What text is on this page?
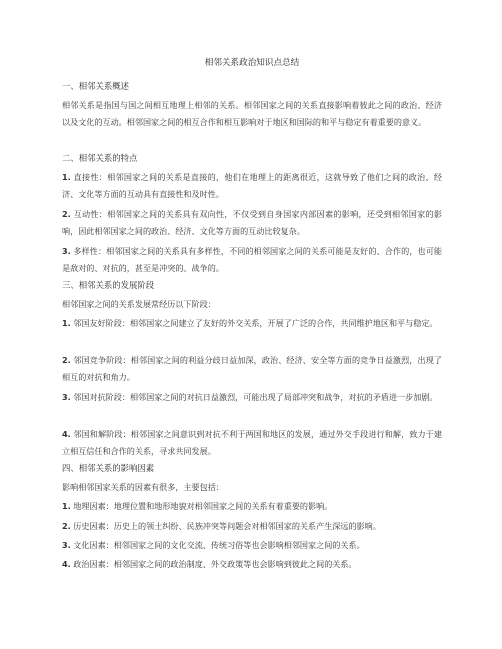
相邻关系政治知识点总结
一、相邻关系概述
相邻关系是指国与国之间相互地理上相邻的关系。相邻国家之间的关系直接影响着彼此之间的政治、经济以及文化的互动。相邻国家之间的相互合作和相互影响对于地区和国际的和平与稳定有着重要的意义。
二、相邻关系的特点
1. 直接性：相邻国家之间的关系是直接的，他们在地理上的距离很近，这就导致了他们之间的政治、经济、文化等方面的互动具有直接性和及时性。
2. 互动性：相邻国家之间的关系具有双向性，不仅受到自身国家内部因素的影响，还受到相邻国家的影响，因此相邻国家之间的政治、经济、文化等方面的互动比较复杂。
3. 多样性：相邻国家之间的关系具有多样性，不同的相邻国家之间的关系可能是友好的、合作的，也可能是敌对的、对抗的，甚至是冲突的、战争的。
三、相邻关系的发展阶段
相邻国家之间的关系发展常经历以下阶段：
1. 邻国友好阶段：相邻国家之间建立了友好的外交关系，开展了广泛的合作，共同维护地区和平与稳定。
2. 邻国竞争阶段：相邻国家之间的利益分歧日益加深，政治、经济、安全等方面的竞争日益激烈，出现了相互的对抗和角力。
3. 邻国对抗阶段：相邻国家之间的对抗日益激烈，可能出现了局部冲突和战争，对抗的矛盾进一步加剧。
4. 邻国和解阶段：相邻国家之间意识到对抗不利于两国和地区的发展，通过外交手段进行和解，致力于建立相互信任和合作的关系，寻求共同发展。
四、相邻关系的影响因素
影响相邻国家关系的因素有很多，主要包括：
1. 地理因素：地理位置和地形地貌对相邻国家之间的关系有着重要的影响。
2. 历史因素：历史上的领土纠纷、民族冲突等问题会对相邻国家的关系产生深远的影响。
3. 文化因素：相邻国家之间的文化交流、传统习俗等也会影响相邻国家之间的关系。
4. 政治因素：相邻国家之间的政治制度、外交政策等也会影响到彼此之间的关系。
